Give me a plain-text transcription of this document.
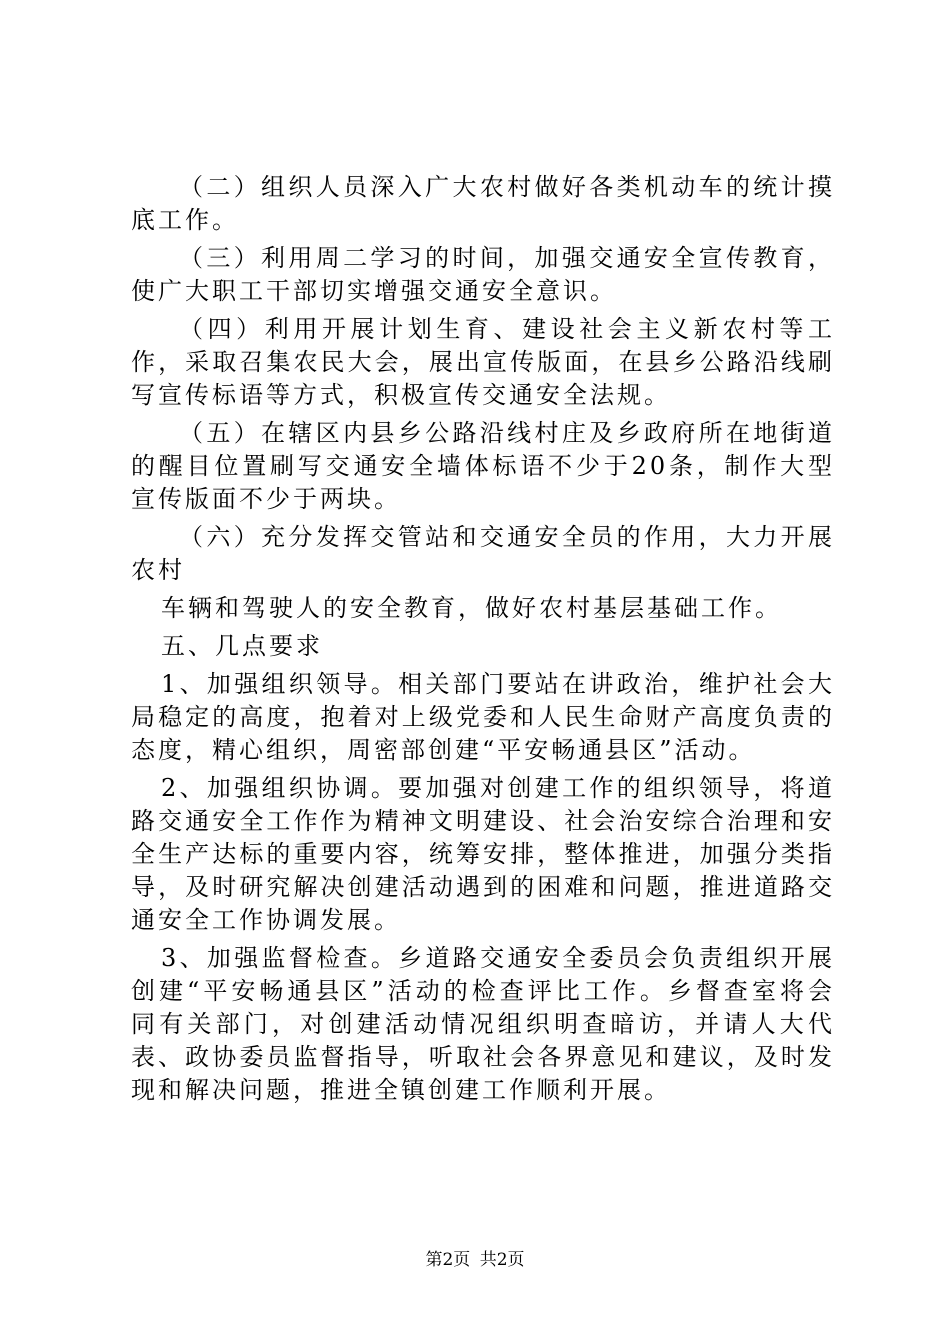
（二）组织人员深入广大农村做好各类机动车的统计摸底工作。

（三）利用周二学习的时间，加强交通安全宣传教育，使广大职工干部切实增强交通安全意识。

（四）利用开展计划生育、建设社会主义新农村等工作，采取召集农民大会，展出宣传版面，在县乡公路沿线刷写宣传标语等方式，积极宣传交通安全法规。

（五）在辖区内县乡公路沿线村庄及乡政府所在地街道的醒目位置刷写交通安全墙体标语不少于20条，制作大型宣传版面不少于两块。

（六）充分发挥交管站和交通安全员的作用，大力开展农村

车辆和驾驶人的安全教育，做好农村基层基础工作。

五、几点要求

1、加强组织领导。相关部门要站在讲政治，维护社会大局稳定的高度，抱着对上级党委和人民生命财产高度负责的态度，精心组织，周密部创建“平安畅通县区”活动。

2、加强组织协调。要加强对创建工作的组织领导，将道路交通安全工作作为精神文明建设、社会治安综合治理和安全生产达标的重要内容，统筹安排，整体推进，加强分类指导，及时研究解决创建活动遇到的困难和问题，推进道路交通安全工作协调发展。

3、加强监督检查。乡道路交通安全委员会负责组织开展创建“平安畅通县区”活动的检查评比工作。乡督查室将会同有关部门，对创建活动情况组织明查暗访，并请人大代表、政协委员监督指导，听取社会各界意见和建议，及时发现和解决问题，推进全镇创建工作顺利开展。

第2页 共2页
